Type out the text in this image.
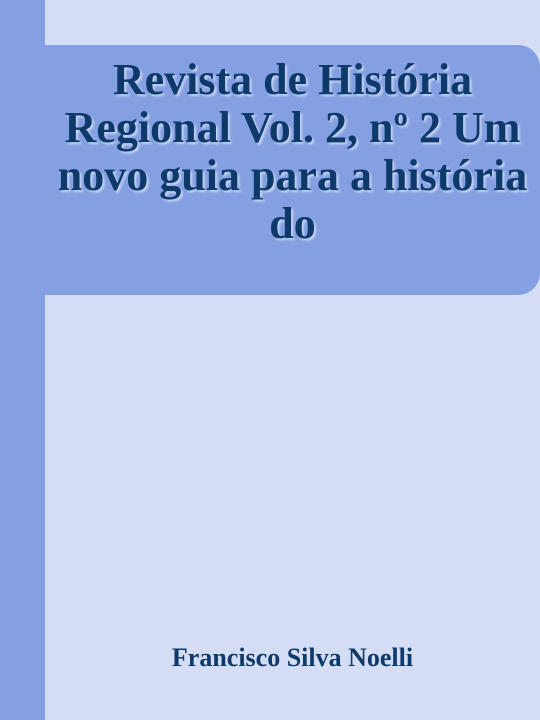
Revista de História Regional Vol. 2, nº 2 Um novo guia para a história do

Francisco Silva Noelli
